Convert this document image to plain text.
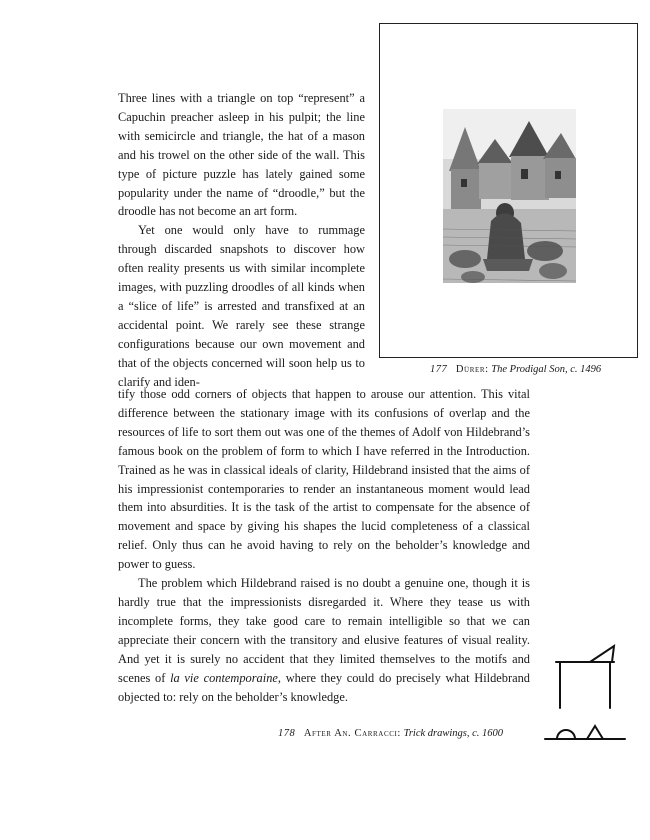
Three lines with a triangle on top “represent” a Capuchin preacher asleep in his pulpit; the line with semicircle and triangle, the hat of a mason and his trowel on the other side of the wall. This type of picture puzzle has lately gained some popularity under the name of “droodle,” but the droodle has not become an art form.

Yet one would only have to rummage through discarded snapshots to discover how often reality presents us with similar incomplete images, with puzzling droodles of all kinds when a “slice of life” is arrested and transfixed at an accidental point. We rarely see these strange configurations because our own movement and that of the objects concerned will soon help us to clarify and iden-

tify those odd corners of objects that happen to arouse our attention. This vital difference between the stationary image with its confusions of overlap and the resources of life to sort them out was one of the themes of Adolf von Hildebrand’s famous book on the problem of form to which I have referred in the Introduction. Trained as he was in classical ideals of clarity, Hildebrand insisted that the aims of his impressionist contemporaries to render an instantaneous moment would lead them into absurdities. It is the task of the artist to compensate for the absence of movement and space by giving his shapes the lucid completeness of a classical relief. Only thus can he avoid having to rely on the beholder’s knowledge and power to guess.

The problem which Hildebrand raised is no doubt a genuine one, though it is hardly true that the impressionists disregarded it. Where they tease us with incomplete forms, they take good care to remain intelligible so that we can appreciate their concern with the transitory and elusive features of visual reality. And yet it is surely no accident that they limited themselves to the motifs and scenes of la vie contemporaine, where they could do precisely what Hildebrand objected to: rely on the beholder’s knowledge.

177 Dürer: The Prodigal Son, c. 1496
178 After An. Carracci: Trick drawings, c. 1600
